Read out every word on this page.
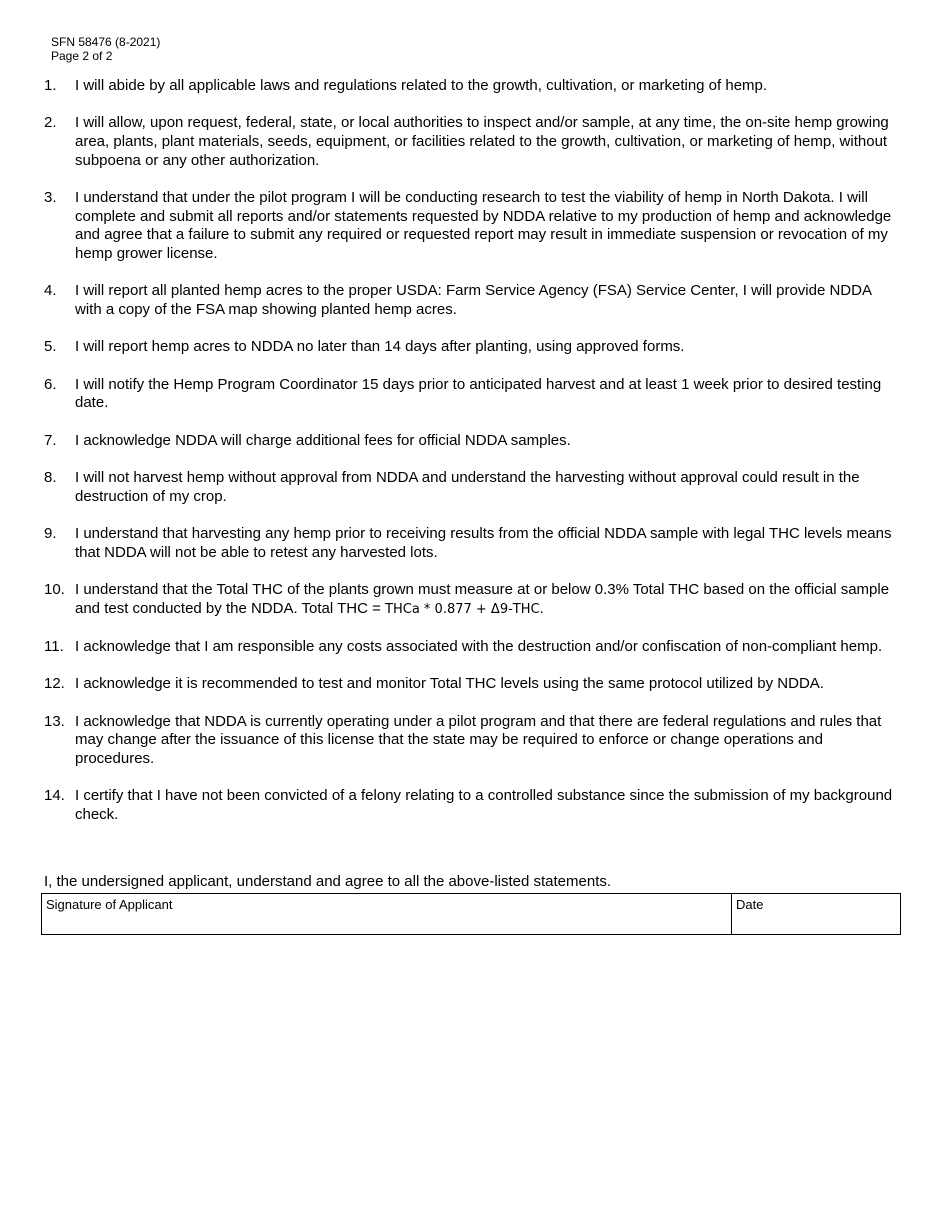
SFN 58476 (8-2021)
Page 2 of 2
1. I will abide by all applicable laws and regulations related to the growth, cultivation, or marketing of hemp.
2. I will allow, upon request, federal, state, or local authorities to inspect and/or sample, at any time, the on-site hemp growing area, plants, plant materials, seeds, equipment, or facilities related to the growth, cultivation, or marketing of hemp, without subpoena or any other authorization.
3. I understand that under the pilot program I will be conducting research to test the viability of hemp in North Dakota. I will complete and submit all reports and/or statements requested by NDDA relative to my production of hemp and acknowledge and agree that a failure to submit any required or requested report may result in immediate suspension or revocation of my hemp grower license.
4. I will report all planted hemp acres to the proper USDA: Farm Service Agency (FSA) Service Center, I will provide NDDA with a copy of the FSA map showing planted hemp acres.
5. I will report hemp acres to NDDA no later than 14 days after planting, using approved forms.
6. I will notify the Hemp Program Coordinator 15 days prior to anticipated harvest and at least 1 week prior to desired testing date.
7. I acknowledge NDDA will charge additional fees for official NDDA samples.
8. I will not harvest hemp without approval from NDDA and understand the harvesting without approval could result in the destruction of my crop.
9. I understand that harvesting any hemp prior to receiving results from the official NDDA sample with legal THC levels means that NDDA will not be able to retest any harvested lots.
10. I understand that the Total THC of the plants grown must measure at or below 0.3% Total THC based on the official sample and test conducted by the NDDA. Total THC = THCa * 0.877 + Δ9-THC.
11. I acknowledge that I am responsible any costs associated with the destruction and/or confiscation of non-compliant hemp.
12. I acknowledge it is recommended to test and monitor Total THC levels using the same protocol utilized by NDDA.
13. I acknowledge that NDDA is currently operating under a pilot program and that there are federal regulations and rules that may change after the issuance of this license that the state may be required to enforce or change operations and procedures.
14. I certify that I have not been convicted of a felony relating to a controlled substance since the submission of my background check.
I, the undersigned applicant, understand and agree to all the above-listed statements.
Signature of Applicant	Date
